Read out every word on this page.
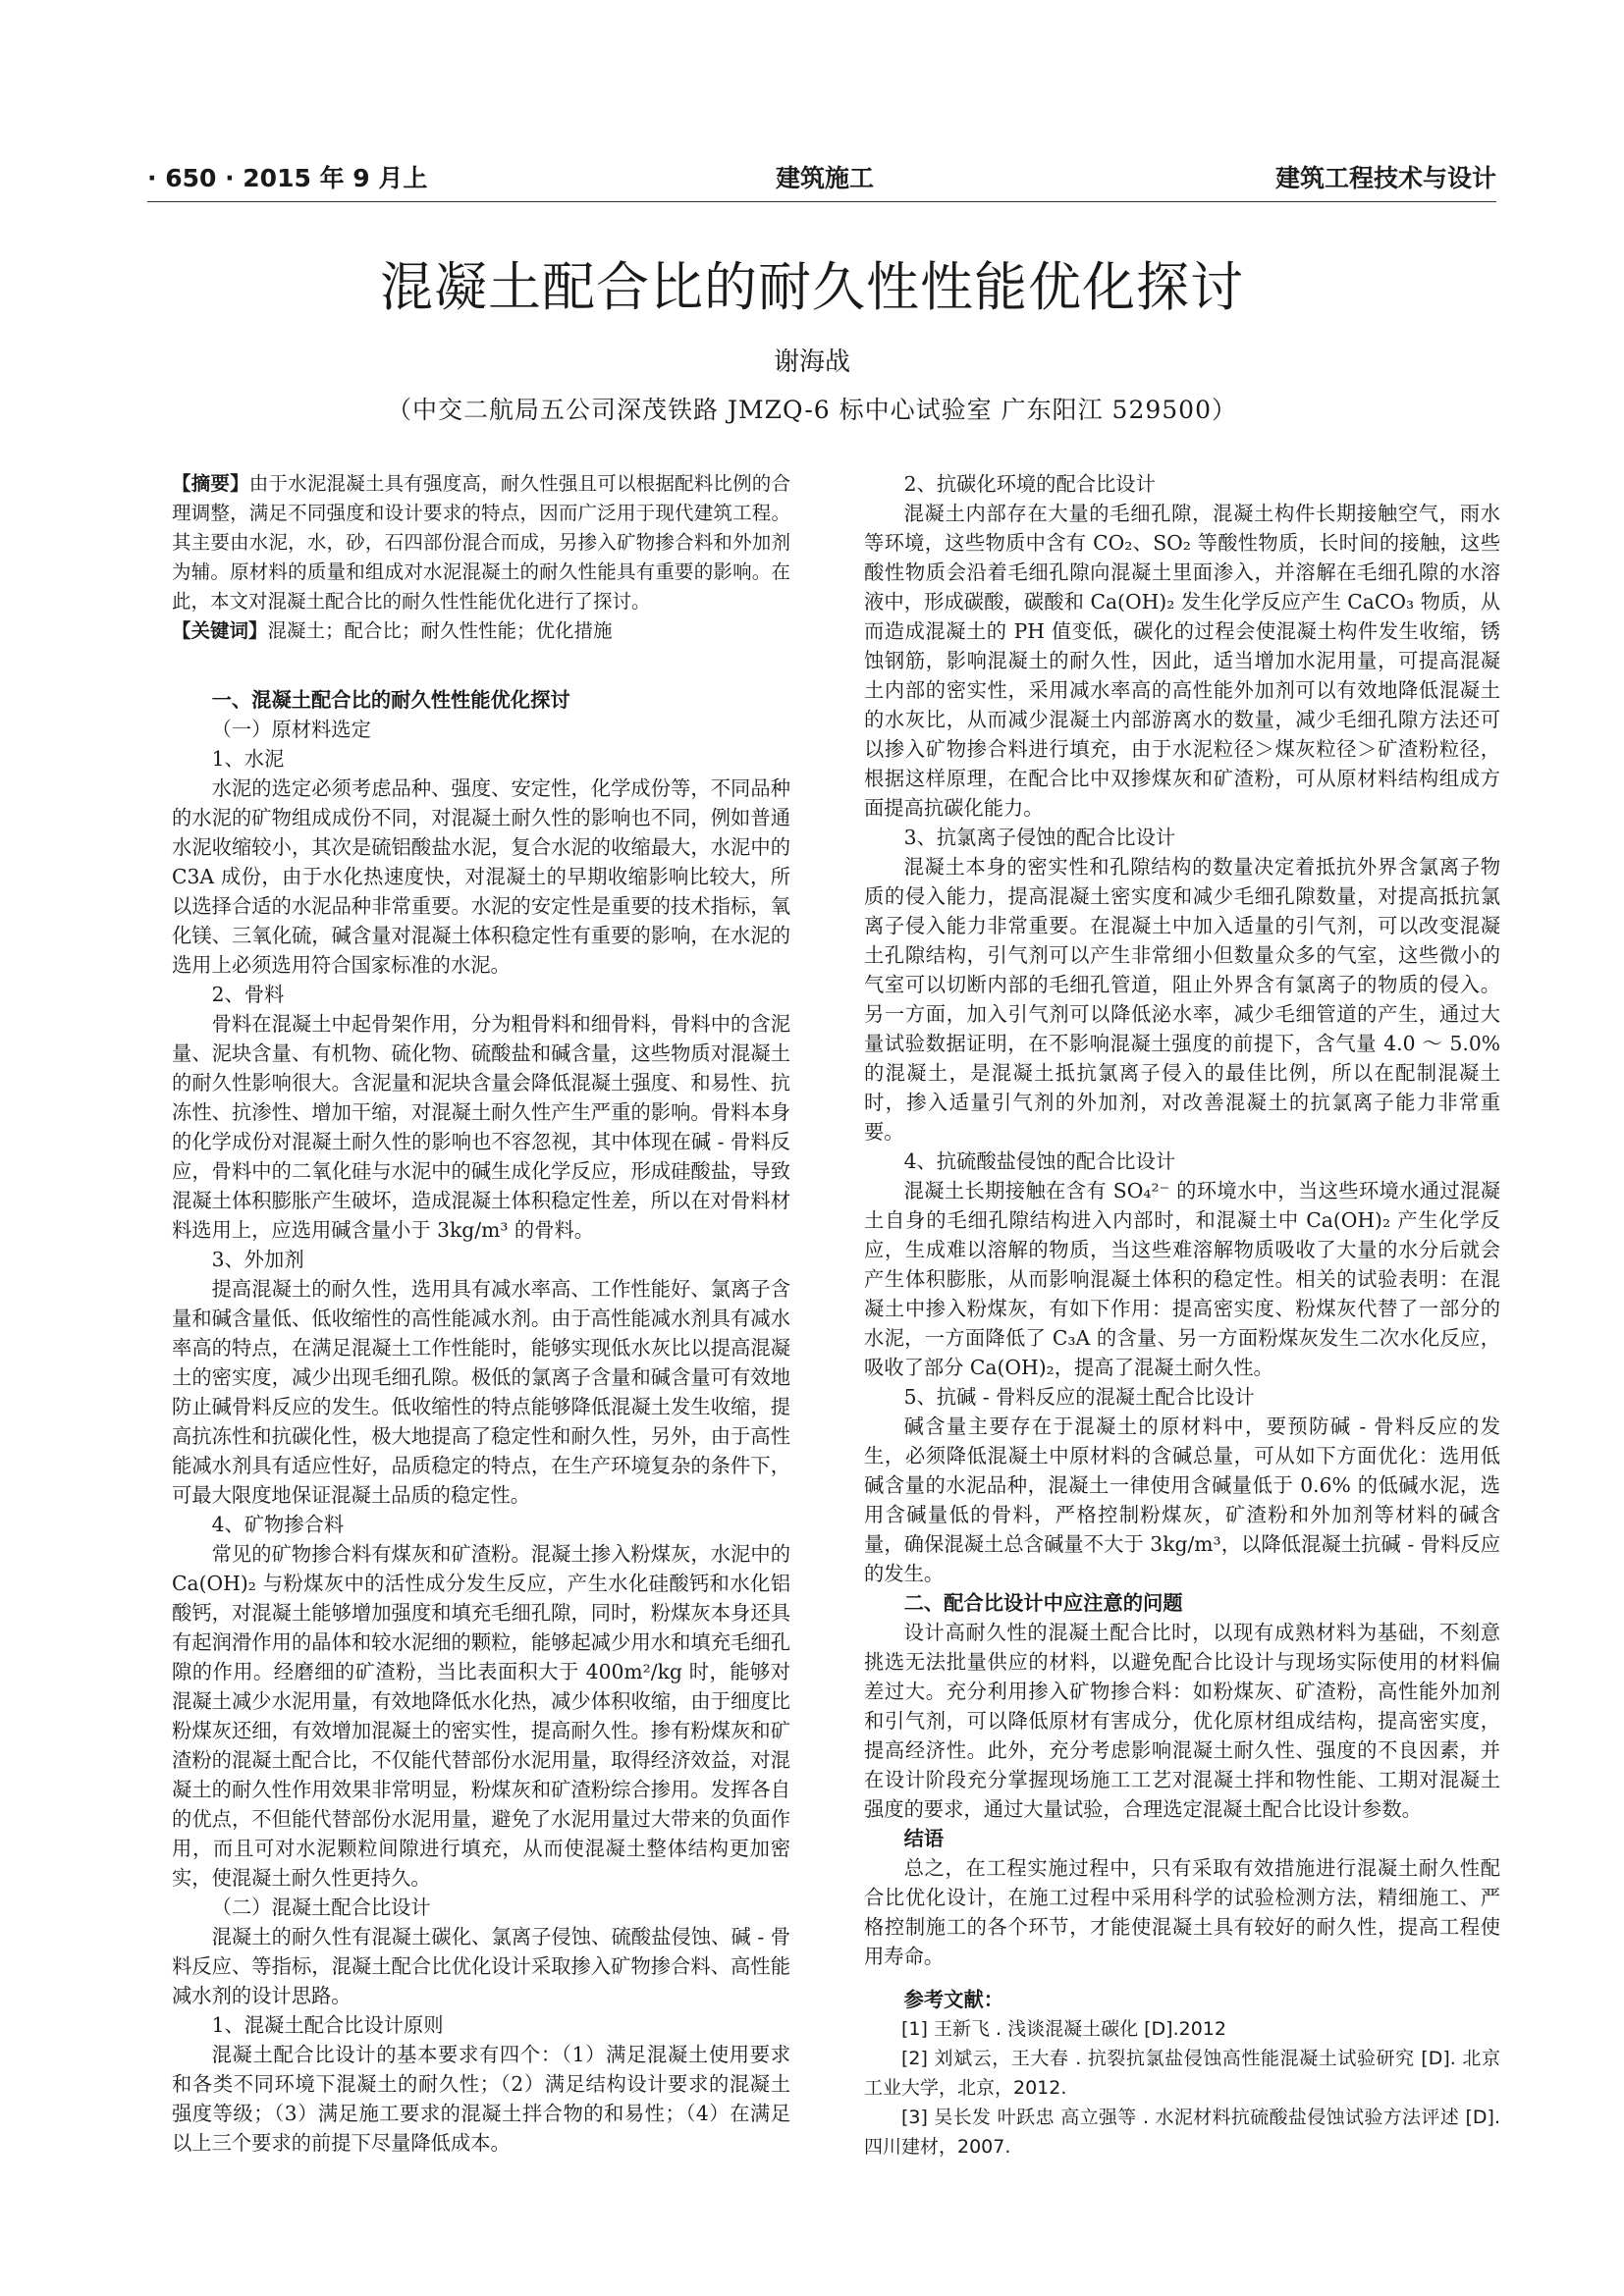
· 650 · 2015 年 9 月上	建筑施工	建筑工程技术与设计
混凝土配合比的耐久性性能优化探讨
谢海战
（中交二航局五公司深茂铁路 JMZQ-6 标中心试验室 广东阳江 529500）

【摘要】由于水泥混凝土具有强度高，耐久性强且可以根据配料比例的合理调整，满足不同强度和设计要求的特点，因而广泛用于现代建筑工程。其主要由水泥，水，砂，石四部份混合而成，另掺入矿物掺合料和外加剂为辅。原材料的质量和组成对水泥混凝土的耐久性能具有重要的影响。在此，本文对混凝土配合比的耐久性性能优化进行了探讨。

【关键词】混凝土；配合比；耐久性性能；优化措施

一、混凝土配合比的耐久性性能优化探讨

（一）原材料选定

1、水泥

水泥的选定必须考虑品种、强度、安定性，化学成份等，不同品种的水泥的矿物组成成份不同，对混凝土耐久性的影响也不同，例如普通水泥收缩较小，其次是硫铝酸盐水泥，复合水泥的收缩最大，水泥中的 C3A 成份，由于水化热速度快，对混凝土的早期收缩影响比较大，所以选择合适的水泥品种非常重要。水泥的安定性是重要的技术指标，氧化镁、三氧化硫，碱含量对混凝土体积稳定性有重要的影响，在水泥的选用上必须选用符合国家标准的水泥。

2、骨料

骨料在混凝土中起骨架作用，分为粗骨料和细骨料，骨料中的含泥量、泥块含量、有机物、硫化物、硫酸盐和碱含量，这些物质对混凝土的耐久性影响很大。含泥量和泥块含量会降低混凝土强度、和易性、抗冻性、抗渗性、增加干缩，对混凝土耐久性产生严重的影响。骨料本身的化学成份对混凝土耐久性的影响也不容忽视，其中体现在碱 - 骨料反应，骨料中的二氧化硅与水泥中的碱生成化学反应，形成硅酸盐，导致混凝土体积膨胀产生破坏，造成混凝土体积稳定性差，所以在对骨料材料选用上，应选用碱含量小于 3kg/m³ 的骨料。

3、外加剂

提高混凝土的耐久性，选用具有减水率高、工作性能好、氯离子含量和碱含量低、低收缩性的高性能减水剂。由于高性能减水剂具有减水率高的特点，在满足混凝土工作性能时，能够实现低水灰比以提高混凝土的密实度，减少出现毛细孔隙。极低的氯离子含量和碱含量可有效地防止碱骨料反应的发生。低收缩性的特点能够降低混凝土发生收缩，提高抗冻性和抗碳化性，极大地提高了稳定性和耐久性，另外，由于高性能减水剂具有适应性好，品质稳定的特点，在生产环境复杂的条件下，可最大限度地保证混凝土品质的稳定性。

4、矿物掺合料

常见的矿物掺合料有煤灰和矿渣粉。混凝土掺入粉煤灰，水泥中的 Ca(OH)₂ 与粉煤灰中的活性成分发生反应，产生水化硅酸钙和水化铝酸钙，对混凝土能够增加强度和填充毛细孔隙，同时，粉煤灰本身还具有起润滑作用的晶体和较水泥细的颗粒，能够起减少用水和填充毛细孔隙的作用。经磨细的矿渣粉，当比表面积大于 400m²/kg 时，能够对混凝土减少水泥用量，有效地降低水化热，减少体积收缩，由于细度比粉煤灰还细，有效增加混凝土的密实性，提高耐久性。掺有粉煤灰和矿渣粉的混凝土配合比，不仅能代替部份水泥用量，取得经济效益，对混凝土的耐久性作用效果非常明显，粉煤灰和矿渣粉综合掺用。发挥各自的优点，不但能代替部份水泥用量，避免了水泥用量过大带来的负面作用，而且可对水泥颗粒间隙进行填充，从而使混凝土整体结构更加密实，使混凝土耐久性更持久。

（二）混凝土配合比设计

混凝土的耐久性有混凝土碳化、氯离子侵蚀、硫酸盐侵蚀、碱 - 骨料反应、等指标，混凝土配合比优化设计采取掺入矿物掺合料、高性能减水剂的设计思路。

1、混凝土配合比设计原则

混凝土配合比设计的基本要求有四个：（1）满足混凝土使用要求和各类不同环境下混凝土的耐久性；（2）满足结构设计要求的混凝土强度等级；（3）满足施工要求的混凝土拌合物的和易性；（4）在满足以上三个要求的前提下尽量降低成本。

2、抗碳化环境的配合比设计

混凝土内部存在大量的毛细孔隙，混凝土构件长期接触空气，雨水等环境，这些物质中含有 CO₂、SO₂ 等酸性物质，长时间的接触，这些酸性物质会沿着毛细孔隙向混凝土里面渗入，并溶解在毛细孔隙的水溶液中，形成碳酸，碳酸和 Ca(OH)₂ 发生化学反应产生 CaCO₃ 物质，从而造成混凝土的 PH 值变低，碳化的过程会使混凝土构件发生收缩，锈蚀钢筋，影响混凝土的耐久性，因此，适当增加水泥用量，可提高混凝土内部的密实性，采用减水率高的高性能外加剂可以有效地降低混凝土的水灰比，从而减少混凝土内部游离水的数量，减少毛细孔隙方法还可以掺入矿物掺合料进行填充，由于水泥粒径＞煤灰粒径＞矿渣粉粒径，根据这样原理，在配合比中双掺煤灰和矿渣粉，可从原材料结构组成方面提高抗碳化能力。

3、抗氯离子侵蚀的配合比设计

混凝土本身的密实性和孔隙结构的数量决定着抵抗外界含氯离子物质的侵入能力，提高混凝土密实度和减少毛细孔隙数量，对提高抵抗氯离子侵入能力非常重要。在混凝土中加入适量的引气剂，可以改变混凝土孔隙结构，引气剂可以产生非常细小但数量众多的气室，这些微小的气室可以切断内部的毛细孔管道，阻止外界含有氯离子的物质的侵入。另一方面，加入引气剂可以降低泌水率，减少毛细管道的产生，通过大量试验数据证明，在不影响混凝土强度的前提下，含气量 4.0 ～ 5.0% 的混凝土，是混凝土抵抗氯离子侵入的最佳比例，所以在配制混凝土时，掺入适量引气剂的外加剂，对改善混凝土的抗氯离子能力非常重要。

4、抗硫酸盐侵蚀的配合比设计

混凝土长期接触在含有 SO₄²⁻ 的环境水中，当这些环境水通过混凝土自身的毛细孔隙结构进入内部时，和混凝土中 Ca(OH)₂ 产生化学反应，生成难以溶解的物质，当这些难溶解物质吸收了大量的水分后就会产生体积膨胀，从而影响混凝土体积的稳定性。相关的试验表明：在混凝土中掺入粉煤灰，有如下作用：提高密实度、粉煤灰代替了一部分的水泥，一方面降低了 C₃A 的含量、另一方面粉煤灰发生二次水化反应，吸收了部分 Ca(OH)₂，提高了混凝土耐久性。

5、抗碱 - 骨料反应的混凝土配合比设计

碱含量主要存在于混凝土的原材料中，要预防碱 - 骨料反应的发生，必须降低混凝土中原材料的含碱总量，可从如下方面优化：选用低碱含量的水泥品种，混凝土一律使用含碱量低于 0.6% 的低碱水泥，选用含碱量低的骨料，严格控制粉煤灰，矿渣粉和外加剂等材料的碱含量，确保混凝土总含碱量不大于 3kg/m³，以降低混凝土抗碱 - 骨料反应的发生。

二、配合比设计中应注意的问题

设计高耐久性的混凝土配合比时，以现有成熟材料为基础，不刻意挑选无法批量供应的材料，以避免配合比设计与现场实际使用的材料偏差过大。充分利用掺入矿物掺合料：如粉煤灰、矿渣粉，高性能外加剂和引气剂，可以降低原材有害成分，优化原材组成结构，提高密实度，提高经济性。此外，充分考虑影响混凝土耐久性、强度的不良因素，并在设计阶段充分掌握现场施工工艺对混凝土拌和物性能、工期对混凝土强度的要求，通过大量试验，合理选定混凝土配合比设计参数。

结语

总之，在工程实施过程中，只有采取有效措施进行混凝土耐久性配合比优化设计，在施工过程中采用科学的试验检测方法，精细施工、严格控制施工的各个环节，才能使混凝土具有较好的耐久性，提高工程使用寿命。

参考文献：

[1] 王新飞 . 浅谈混凝土碳化 [D].2012

[2] 刘斌云，王大春 . 抗裂抗氯盐侵蚀高性能混凝土试验研究 [D]. 北京工业大学，北京，2012.

[3] 吴长发 叶跃忠 高立强等 . 水泥材料抗硫酸盐侵蚀试验方法评述 [D]. 四川建材，2007.
